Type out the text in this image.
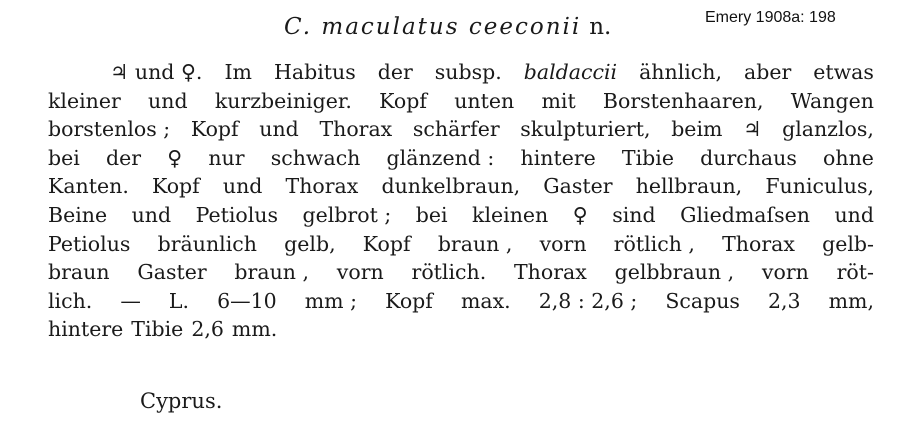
Emery 1908a: 198
C. maculatus ceeconii n.
♃ und ♀. Im Habitus der subsp. baldaccii ähnlich, aber etwas
kleiner und kurzbeiniger. Kopf unten mit Borstenhaaren, Wangen
borstenlos ; Kopf und Thorax schärfer skulpturiert, beim ♃ glanzlos,
bei der ♀ nur schwach glänzend : hintere Tibie durchaus ohne
Kanten. Kopf und Thorax dunkelbraun, Gaster hellbraun, Funiculus,
Beine und Petiolus gelbrot ; bei kleinen ♀ sind Gliedmaſsen und
Petiolus bräunlich gelb, Kopf braun , vorn rötlich , Thorax gelb-
braun Gaster braun , vorn rötlich. Thorax gelbbraun , vorn röt-
lich. — L. 6—10 mm ; Kopf max. 2,8 : 2,6 ; Scapus 2,3 mm,
hintere Tibie 2,6 mm.
Cyprus.
